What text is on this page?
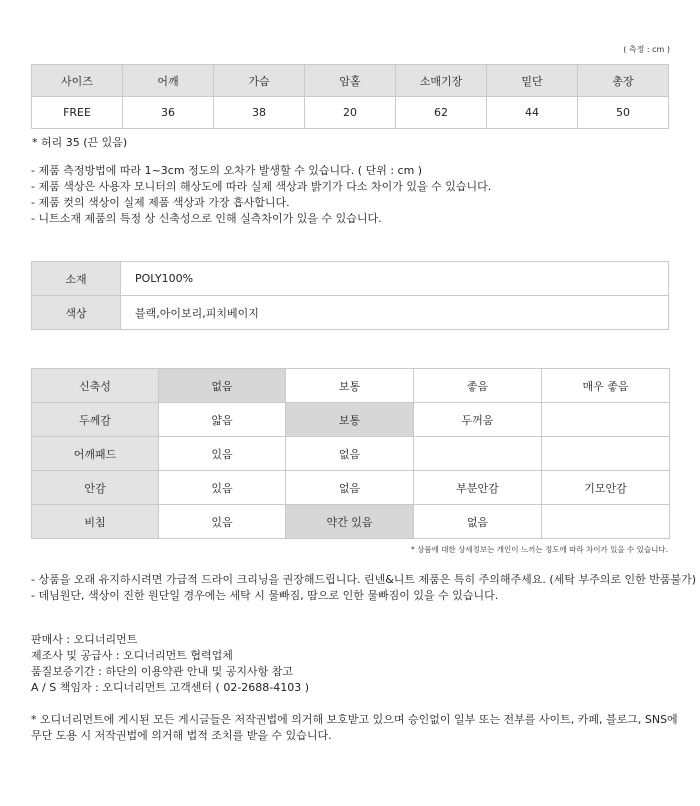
( 측정 : cm )
사이즈	어깨	가슴	암홀	소매기장	밑단	총장
FREE	36	38	20	62	44	50
* 허리 35 (끈 있음)
- 제품 측정방법에 따라 1~3cm 정도의 오차가 발생할 수 있습니다. ( 단위 : cm )
- 제품 색상은 사용자 모니터의 해상도에 따라 실제 색상과 밝기가 다소 차이가 있을 수 있습니다.
- 제품 컷의 색상이 실제 제품 색상과 가장 흡사합니다.
- 니트소재 제품의 특정 상 신축성으로 인해 실측차이가 있을 수 있습니다.
소재	POLY100%
색상	블랙,아이보리,피치베이지
신축성	없음	보통	좋음	매우 좋음
두께감	얇음	보통	두꺼움	
어깨패드	있음	없음		
안감	있음	없음	부분안감	기모안감
비침	있음	약간 있음	없음	
* 상품에 대한 상세정보는 개인이 느끼는 정도에 따라 차이가 있을 수 있습니다.
- 상품을 오래 유지하시려면 가급적 드라이 크리닝을 권장해드립니다. 린넨&니트 제품은 특히 주의해주세요. (세탁 부주의로 인한 반품불가)
- 데님원단, 색상이 진한 원단일 경우에는 세탁 시 물빠짐, 땀으로 인한 물빠짐이 있을 수 있습니다.
판매사 : 오디너리먼트
제조사 및 공급사 : 오디너리먼트 협력업체
품질보증기간 : 하단의 이용약관 안내 및 공지사항 참고
A / S 책임자 : 오디너리먼트 고객센터 ( 02-2688-4103 )
* 오디너리먼트에 게시된 모든 게시글들은 저작권법에 의거해 보호받고 있으며 승인없이 일부 또는 전부를 사이트, 카페, 블로그, SNS에
무단 도용 시 저작권법에 의거해 법적 조치를 받을 수 있습니다.
